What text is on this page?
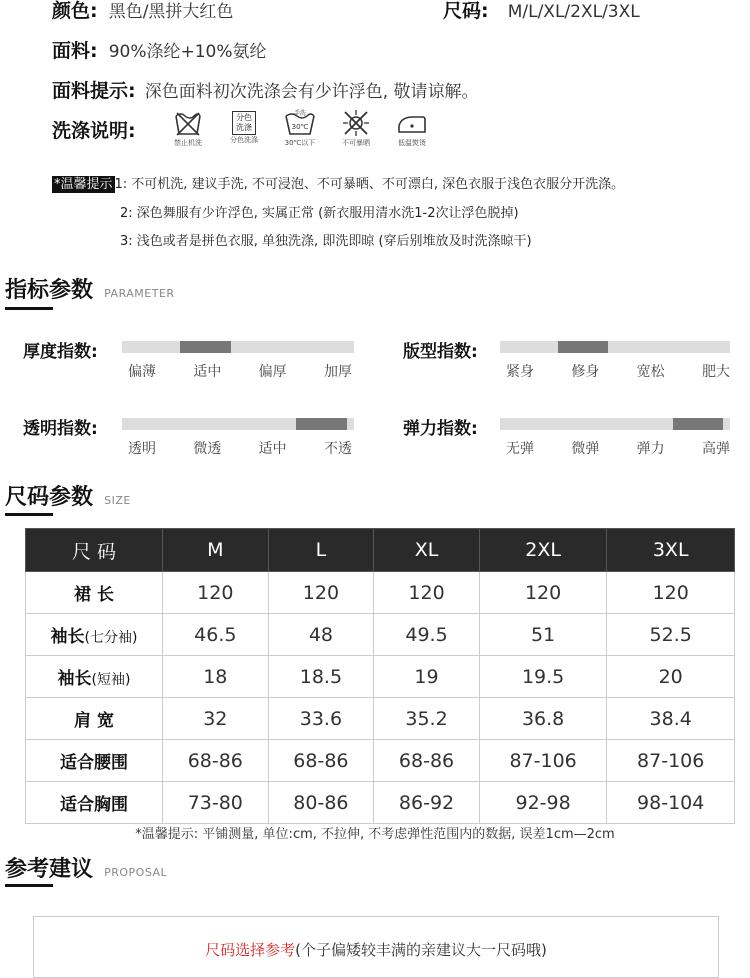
颜色: 黑色/黑拼大红色	尺码: M/L/XL/2XL/3XL
面料: 90%涤纶+10%氨纶
面料提示: 深色面料初次洗涤会有少许浮色, 敬请谅解。
洗涤说明:
禁止机洗
分色洗涤
分色洗涤
手洗
30℃
30℃以下	不可暴晒	低温熨烫
*温馨提示 1: 不可机洗, 建议手洗, 不可浸泡、不可暴晒、不可漂白, 深色衣服于浅色衣服分开洗涤。
2: 深色舞服有少许浮色, 实属正常 (新衣服用清水洗1-2次让浮色脱掉)
3: 浅色或者是拼色衣服, 单独洗涤, 即洗即晾 (穿后别堆放及时洗涤晾干)
指标参数 PARAMETER
厚度指数:
偏薄	适中	偏厚	加厚
版型指数:
紧身	修身	宽松	肥大
透明指数:
透明	微透	适中	不透
弹力指数:
无弹	微弹	弹力	高弹
尺码参数 SIZE
尺 码	M	L	XL	2XL	3XL
裙 长	120	120	120	120	120
袖长(七分袖)	46.5	48	49.5	51	52.5
袖长(短袖)	18	18.5	19	19.5	20
肩 宽	32	33.6	35.2	36.8	38.4
适合腰围	68-86	68-86	68-86	87-106	87-106
适合胸围	73-80	80-86	86-92	92-98	98-104
*温馨提示: 平铺测量, 单位:cm, 不拉伸, 不考虑弹性范围内的数据, 误差1cm—2cm
参考建议 PROPOSAL
尺码选择参考(个子偏矮较丰满的亲建议大一尺码哦)
